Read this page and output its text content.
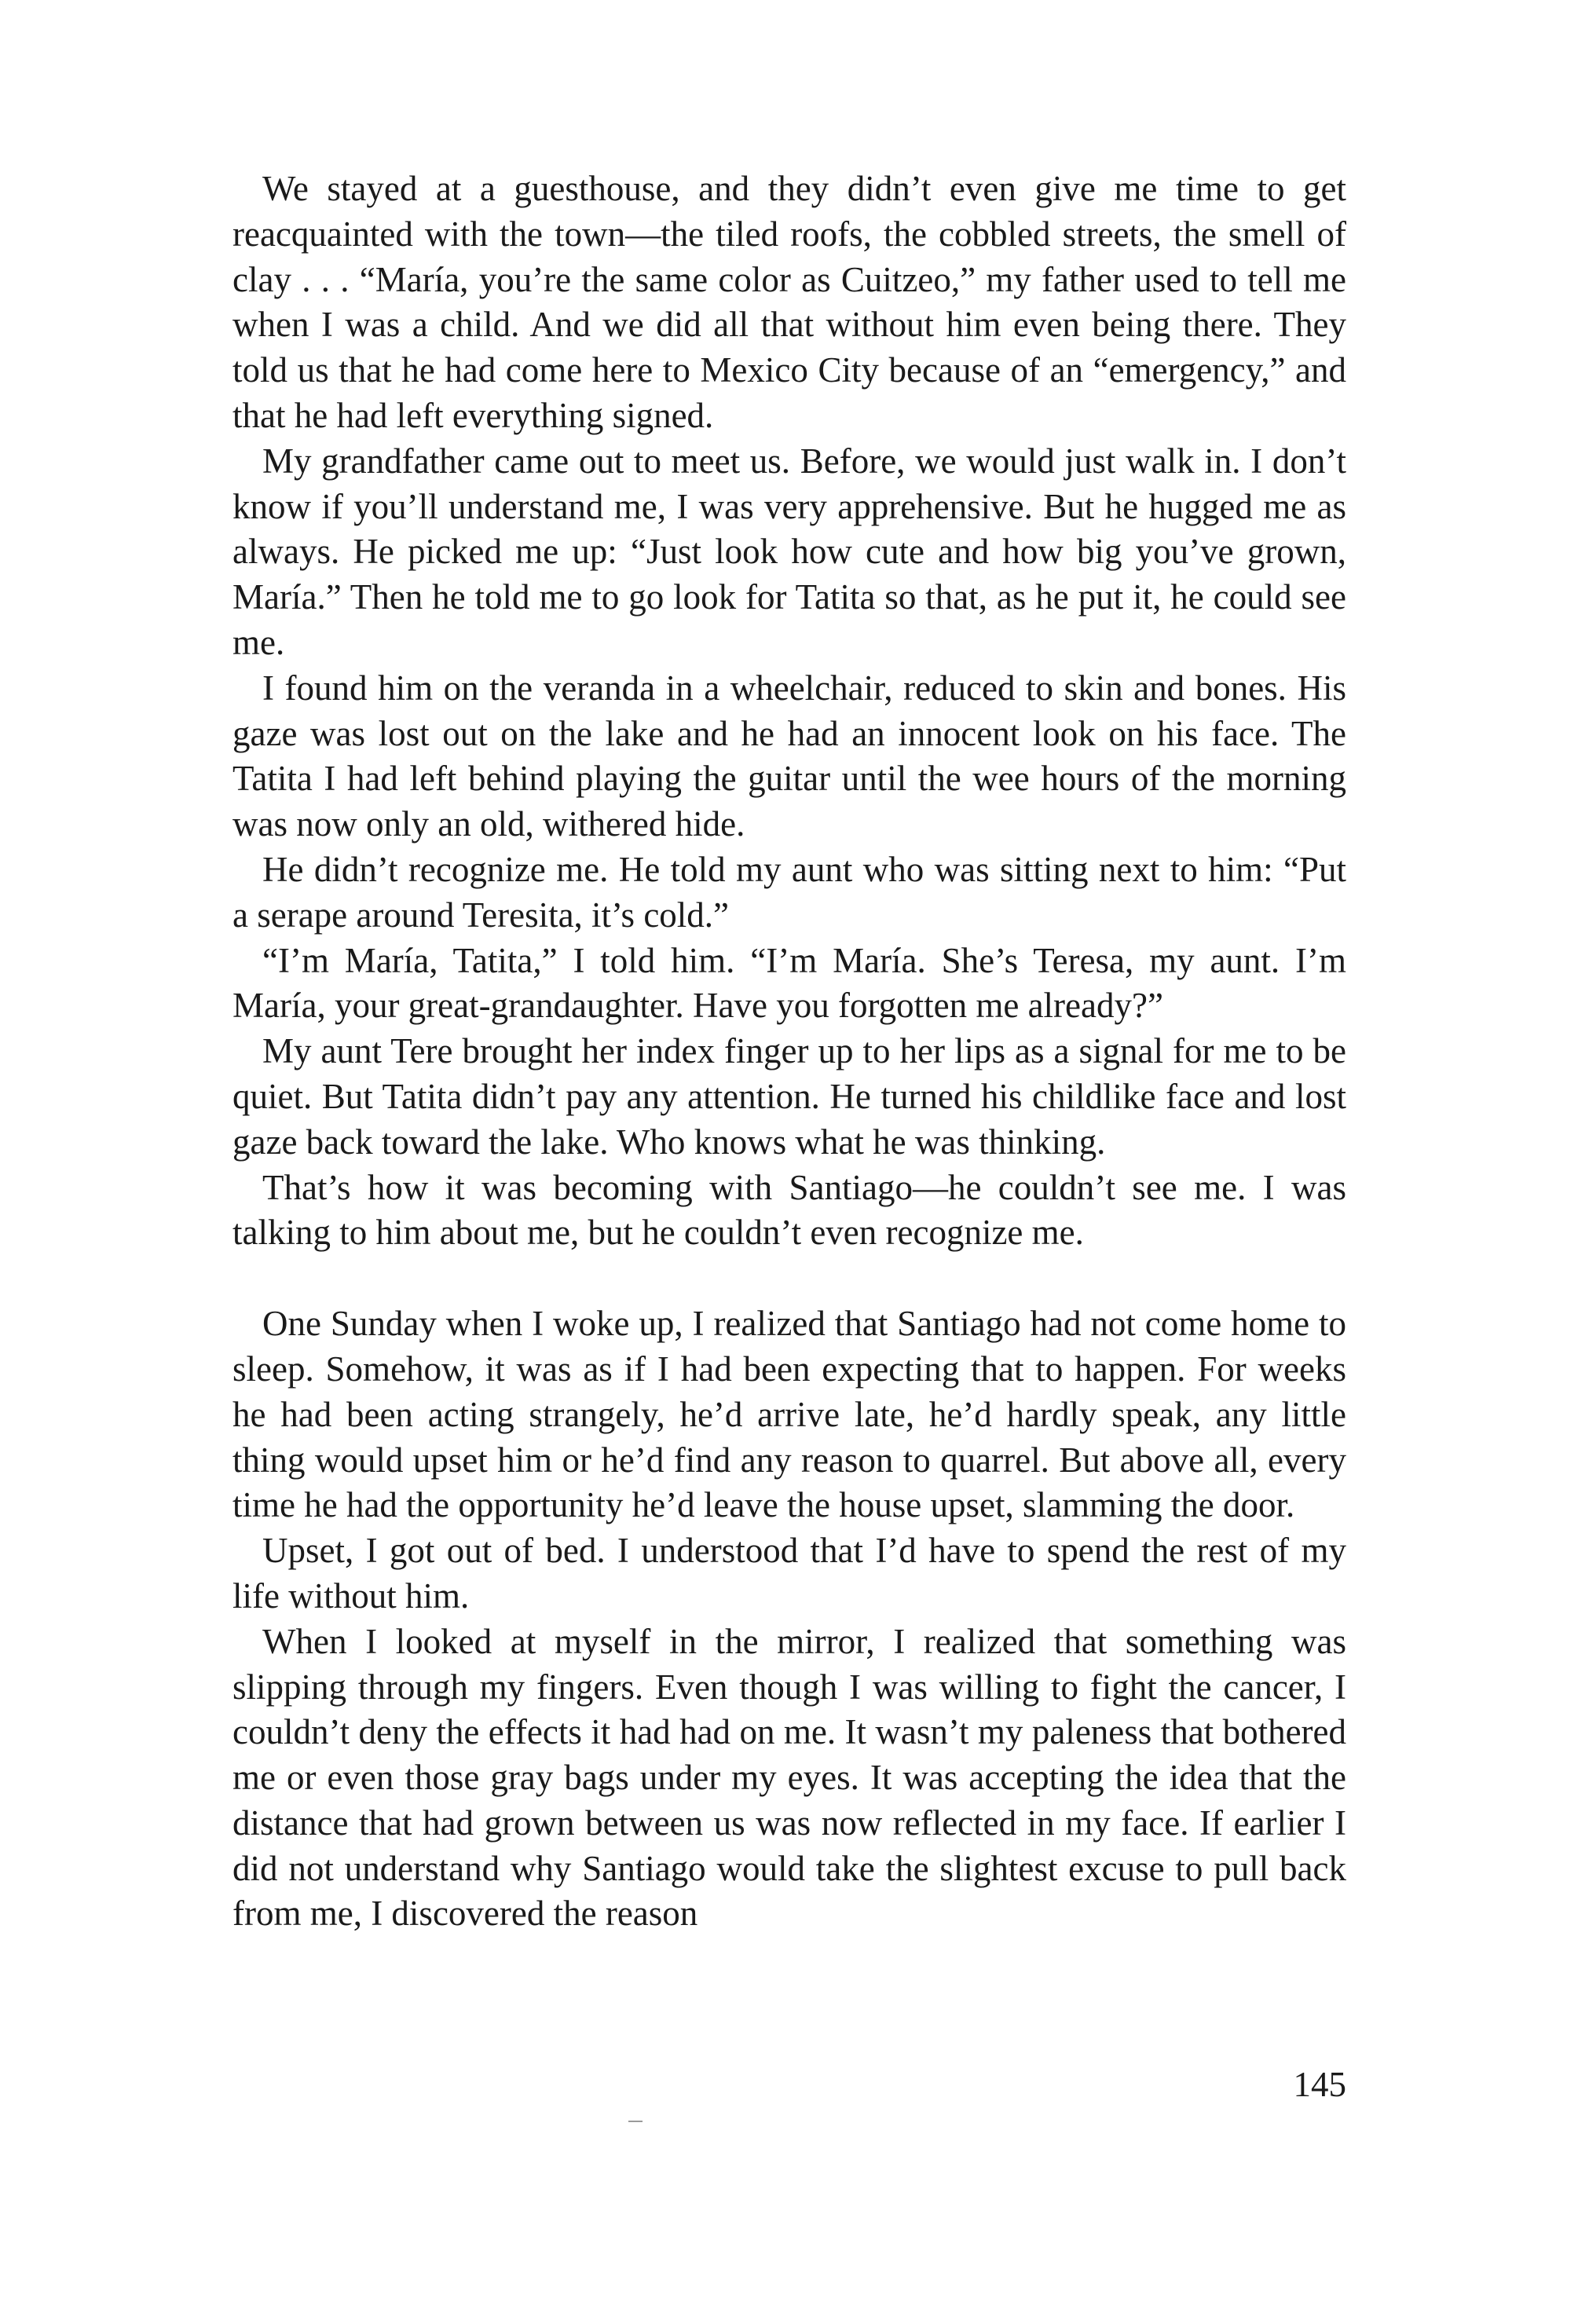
We stayed at a guesthouse, and they didn’t even give me time to get reacquainted with the town—the tiled roofs, the cobbled streets, the smell of clay . . . “María, you’re the same color as Cuitzeo,” my father used to tell me when I was a child. And we did all that without him even being there. They told us that he had come here to Mexico City because of an “emergency,” and that he had left everything signed.

My grandfather came out to meet us. Before, we would just walk in. I don’t know if you’ll understand me, I was very apprehensive. But he hugged me as always. He picked me up: “Just look how cute and how big you’ve grown, María.” Then he told me to go look for Tatita so that, as he put it, he could see me.

I found him on the veranda in a wheelchair, reduced to skin and bones. His gaze was lost out on the lake and he had an innocent look on his face. The Tatita I had left behind playing the guitar until the wee hours of the morning was now only an old, withered hide.

He didn’t recognize me. He told my aunt who was sitting next to him: “Put a serape around Teresita, it’s cold.”

“I’m María, Tatita,” I told him. “I’m María. She’s Teresa, my aunt. I’m María, your great-grandaughter. Have you forgotten me already?”

My aunt Tere brought her index finger up to her lips as a signal for me to be quiet. But Tatita didn’t pay any attention. He turned his childlike face and lost gaze back toward the lake. Who knows what he was thinking.

That’s how it was becoming with Santiago—he couldn’t see me. I was talking to him about me, but he couldn’t even recognize me.

One Sunday when I woke up, I realized that Santiago had not come home to sleep. Somehow, it was as if I had been expecting that to happen. For weeks he had been acting strangely, he’d arrive late, he’d hardly speak, any little thing would upset him or he’d find any reason to quarrel. But above all, every time he had the opportunity he’d leave the house upset, slamming the door.

Upset, I got out of bed. I understood that I’d have to spend the rest of my life without him.

When I looked at myself in the mirror, I realized that something was slipping through my fingers. Even though I was willing to fight the cancer, I couldn’t deny the effects it had had on me. It wasn’t my paleness that bothered me or even those gray bags under my eyes. It was accepting the idea that the distance that had grown between us was now reflected in my face. If earlier I did not understand why Santiago would take the slightest excuse to pull back from me, I discovered the reason

145
